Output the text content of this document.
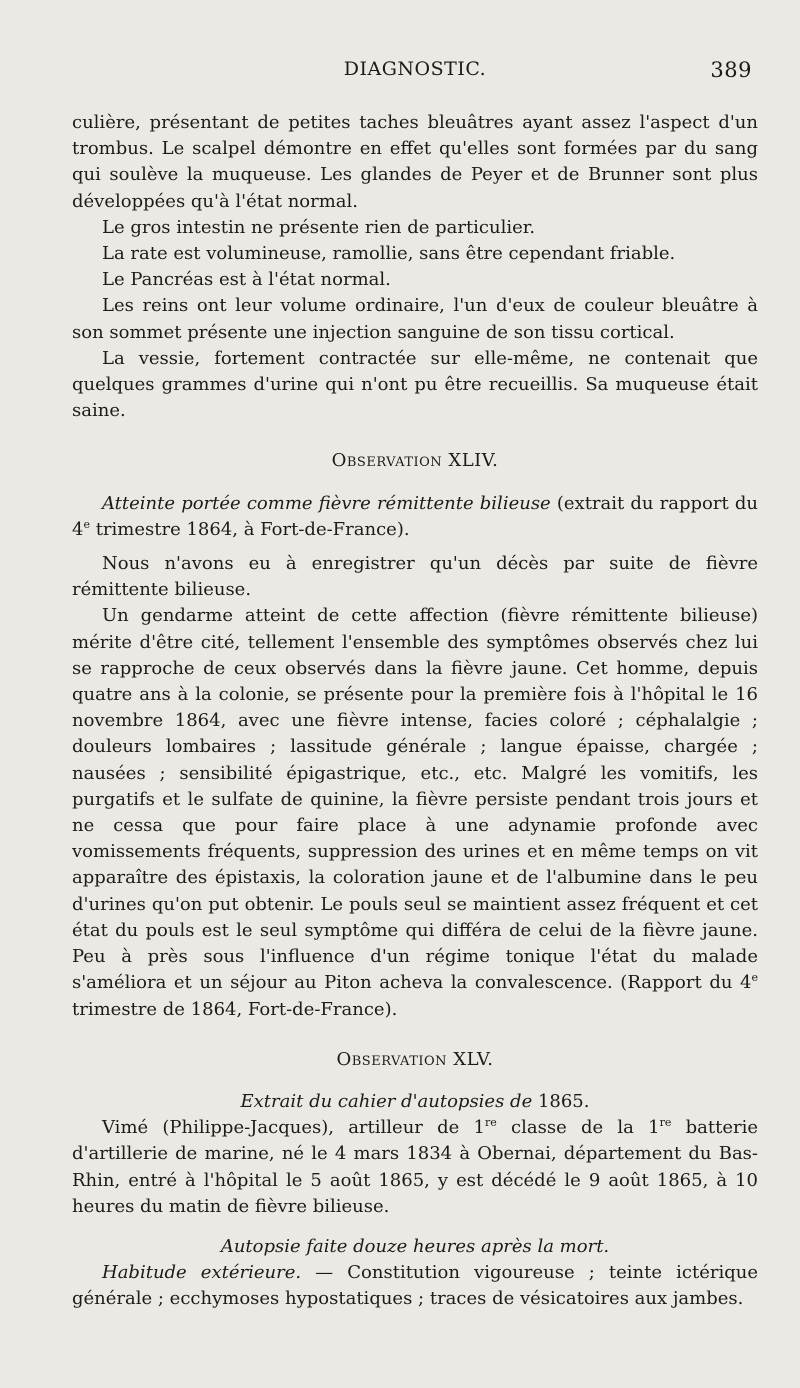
DIAGNOSTIC.	389

culière, présentant de petites taches bleuâtres ayant assez l'aspect d'un trombus. Le scalpel démontre en effet qu'elles sont formées par du sang qui soulève la muqueuse. Les glandes de Peyer et de Brunner sont plus développées qu'à l'état normal.

Le gros intestin ne présente rien de particulier.

La rate est volumineuse, ramollie, sans être cependant friable.

Le Pancréas est à l'état normal.

Les reins ont leur volume ordinaire, l'un d'eux de couleur bleuâtre à son sommet présente une injection sanguine de son tissu cortical.

La vessie, fortement contractée sur elle-même, ne contenait que quelques grammes d'urine qui n'ont pu être recueillis. Sa muqueuse était saine.

Observation XLIV.

Atteinte portée comme fièvre rémittente bilieuse (extrait du rapport du 4e trimestre 1864, à Fort-de-France).

Nous n'avons eu à enregistrer qu'un décès par suite de fièvre rémittente bilieuse.

Un gendarme atteint de cette affection (fièvre rémittente bilieuse) mérite d'être cité, tellement l'ensemble des symptômes observés chez lui se rapproche de ceux observés dans la fièvre jaune. Cet homme, depuis quatre ans à la colonie, se présente pour la première fois à l'hôpital le 16 novembre 1864, avec une fièvre intense, facies coloré ; céphalalgie ; douleurs lombaires ; lassitude générale ; langue épaisse, chargée ; nausées ; sensibilité épigastrique, etc., etc. Malgré les vomitifs, les purgatifs et le sulfate de quinine, la fièvre persiste pendant trois jours et ne cessa que pour faire place à une adynamie profonde avec vomissements fréquents, suppression des urines et en même temps on vit apparaître des épistaxis, la coloration jaune et de l'albumine dans le peu d'urines qu'on put obtenir. Le pouls seul se maintient assez fréquent et cet état du pouls est le seul symptôme qui différa de celui de la fièvre jaune. Peu à près sous l'influence d'un régime tonique l'état du malade s'améliora et un séjour au Piton acheva la convalescence. (Rapport du 4e trimestre de 1864, Fort-de-France).

Observation XLV.

Extrait du cahier d'autopsies de 1865.

Vimé (Philippe-Jacques), artilleur de 1re classe de la 1re batterie d'artillerie de marine, né le 4 mars 1834 à Obernai, département du Bas-Rhin, entré à l'hôpital le 5 août 1865, y est décédé le 9 août 1865, à 10 heures du matin de fièvre bilieuse.

Autopsie faite douze heures après la mort.

Habitude extérieure. — Constitution vigoureuse ; teinte ictérique générale ; ecchymoses hypostatiques ; traces de vésicatoires aux jambes.
